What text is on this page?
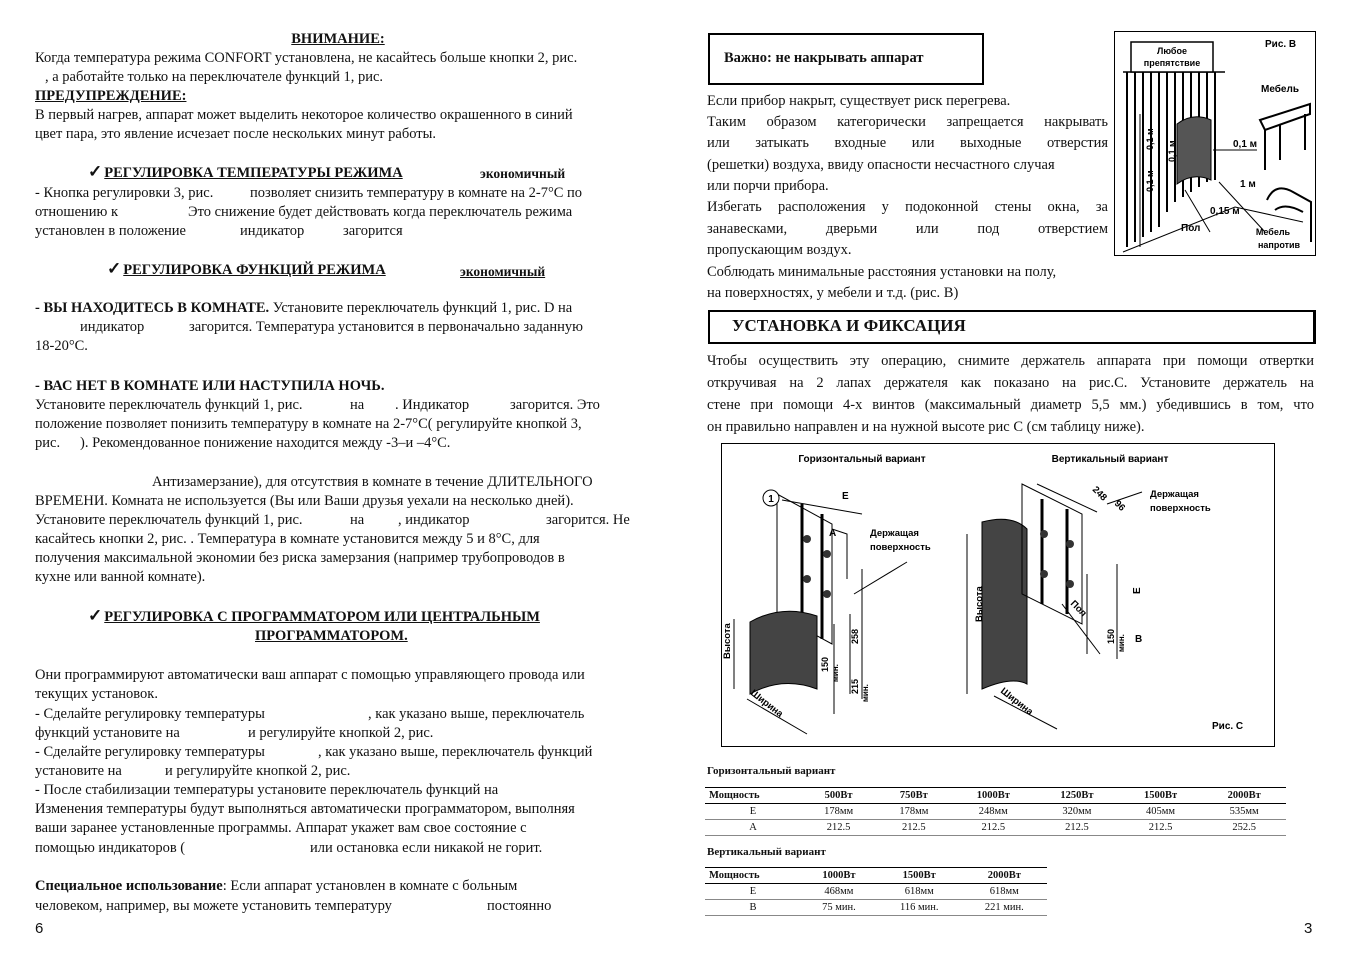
ВНИМАНИЕ:
Когда температура режима CONFORT установлена, не касайтесь больше кнопки 2, рис.
, а работайте только на переключателе функций 1, рис.
ПРЕДУПРЕЖДЕНИЕ:
В первый нагрев, аппарат может выделить некоторое количество окрашенного в синий
цвет пара, это явление исчезает после нескольких минут работы.
✓ РЕГУЛИРОВКА ТЕМПЕРАТУРЫ РЕЖИМА	экономичный
- Кнопка регулировки 3, рис.	позволяет снизить температуру в комнате на 2-7°С по
отношению к	Это снижение будет действовать когда переключатель режима
установлен в положение	индикатор	загорится
✓ РЕГУЛИРОВКА ФУНКЦИЙ РЕЖИМА	экономичный
- ВЫ НАХОДИТЕСЬ В КОМНАТЕ. Установите переключатель функций 1, рис. D на
индикатор	загорится. Температура установится в первоначально заданную
18-20°С.
- ВАС НЕТ В КОМНАТЕ ИЛИ НАСТУПИЛА НОЧЬ.
Установите переключатель функций 1, рис.	на . Индикатор	загорится. Это
положение позволяет понизить температуру в комнате на 2-7°С( регулируйте кнопкой 3,
рис. ). Рекомендованное понижение находится между -3–и –4°С.
Антизамерзание), для отсутствия в комнате в течение ДЛИТЕЛЬНОГО
ВРЕМЕНИ. Комната не используется (Вы или Ваши друзья уехали на несколько дней).
Установите переключатель функций 1, рис.	на , индикатор	загорится. Не
касайтесь кнопки 2, рис. . Температура в комнате установится между 5 и 8°С, для
получения максимальной экономии без риска замерзания (например трубопроводов в
кухне или ванной комнате).
✓ РЕГУЛИРОВКА С ПРОГРАММАТОРОМ ИЛИ ЦЕНТРАЛЬНЫМ
ПРОГРАММАТОРОМ.
Они программируют автоматически ваш аппарат с помощью управляющего провода или
текущих установок.
- Сделайте регулировку температуры	, как указано выше, переключатель
функций установите на	и регулируйте кнопкой 2, рис.
- Сделайте регулировку температуры	, как указано выше, переключатель функций
установите на	и регулируйте кнопкой 2, рис.
- После стабилизации температуры установите переключатель функций на
Изменения температуры будут выполняться автоматически программатором, выполняя
ваши заранее установленные программы. Аппарат укажет вам свое состояние с
помощью индикаторов (	или остановка если никакой не горит.
Специальное использование: Если аппарат установлен в комнате с больным
человеком, например, вы можете установить температуру	постоянно
6
Важно: не накрывать аппарат
Если прибор накрыт, существует риск перегрева.
Таким образом категорически запрещается накрывать
или затыкать входные или выходные отверстия
(решетки) воздуха, ввиду опасности несчастного случая
или порчи прибора.
Избегать расположения у подоконной стены окна, за
занавесками, дверьми или под отверстием
пропускающим воздух.
Соблюдать минимальные расстояния установки на полу,
на поверхностях, у мебели и т.д. (рис. B)
Рис. B
Любое
препятствие
Мебель
0,1 м
0,1 м
0,1 м	0,1 м
1 м
0,15 м
Пол	Мебель
напротив
УСТАНОВКА И ФИКСАЦИЯ
Чтобы осуществить эту операцию, снимите держатель аппарата при помощи отвертки
откручивая на 2 лапах держателя как показано на рис.С. Установите держатель на
стене при помощи 4-х винтов (максимальный диаметр 5,5 мм.) убедившись в том, что
он правильно направлен и на нужной высоте рис С (см таблицу ниже).
Горизонтальный вариант	Вертикальный вариант
1	E
A	Держащая
поверхность
Высота
Ширина
150 мин.
215 мин.
258
248
96
Держащая
поверхность
Высота
Ширина
E
B
Пол
150 мин.
Рис. С
Горизонтальный вариант
Мощность	500Вт	750Вт	1000Вт	1250Вт	1500Вт	2000Вт
E	178мм	178мм	248мм	320мм	405мм	535мм
A	212.5	212.5	212.5	212.5	212.5	252.5
Вертикальный вариант
Мощность	1000Вт	1500Вт	2000Вт
E	468мм	618мм	618мм
B	75 мин.	116 мин.	221 мин.
3
